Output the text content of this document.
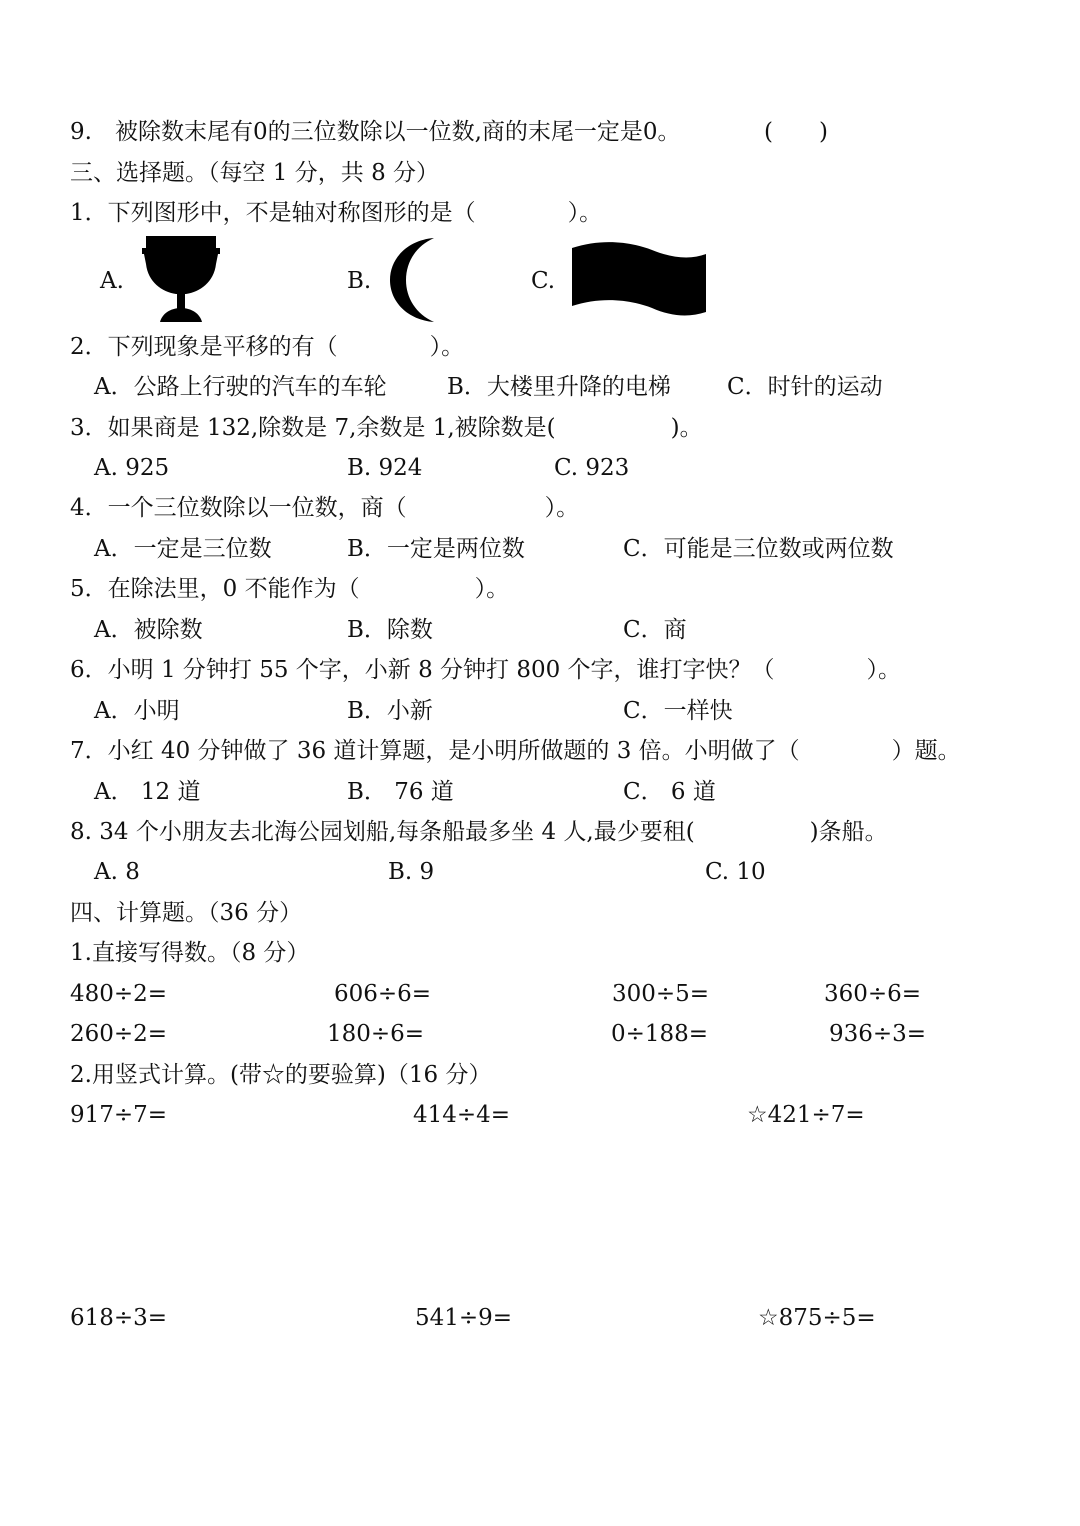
9.　被除数末尾有0的三位数除以一位数,商的末尾一定是0。	(　　)
三、选择题。（每空 1 分，共 8 分）
1．下列图形中，不是轴对称图形的是（　　　　）。
A.	B.	C.
2．下列现象是平移的有（　　　　）。
A．公路上行驶的汽车的车轮	B．大楼里升降的电梯 C．时针的运动
3．如果商是 132,除数是 7,余数是 1,被除数是(　　　　　)。
A. 925	B. 924	C. 923
4．一个三位数除以一位数，商（　　　　　　）。
A．一定是三位数	B．一定是两位数	C．可能是三位数或两位数
5．在除法里，0 不能作为（　　　　　）。
A．被除数	B．除数	C．商
6．小明 1 分钟打 55 个字，小新 8 分钟打 800 个字，谁打字快？（　　　　）。
A．小明	B．小新	C．一样快
7．小红 40 分钟做了 36 道计算题，是小明所做题的 3 倍。小明做了（　　　　）题。
A． 12 道	B． 76 道	C． 6 道
8. 34 个小朋友去北海公园划船,每条船最多坐 4 人,最少要租(　　　　　)条船。
A. 8	B. 9	C. 10
四、计算题。（36 分）
1.直接写得数。（8 分）
480÷2=	606÷6=	300÷5=	360÷6=
260÷2=	180÷6=	0÷188=	936÷3=
2.用竖式计算。(带☆的要验算)（16 分）
917÷7=	414÷4=	☆421÷7=
618÷3=	541÷9=	☆875÷5=
